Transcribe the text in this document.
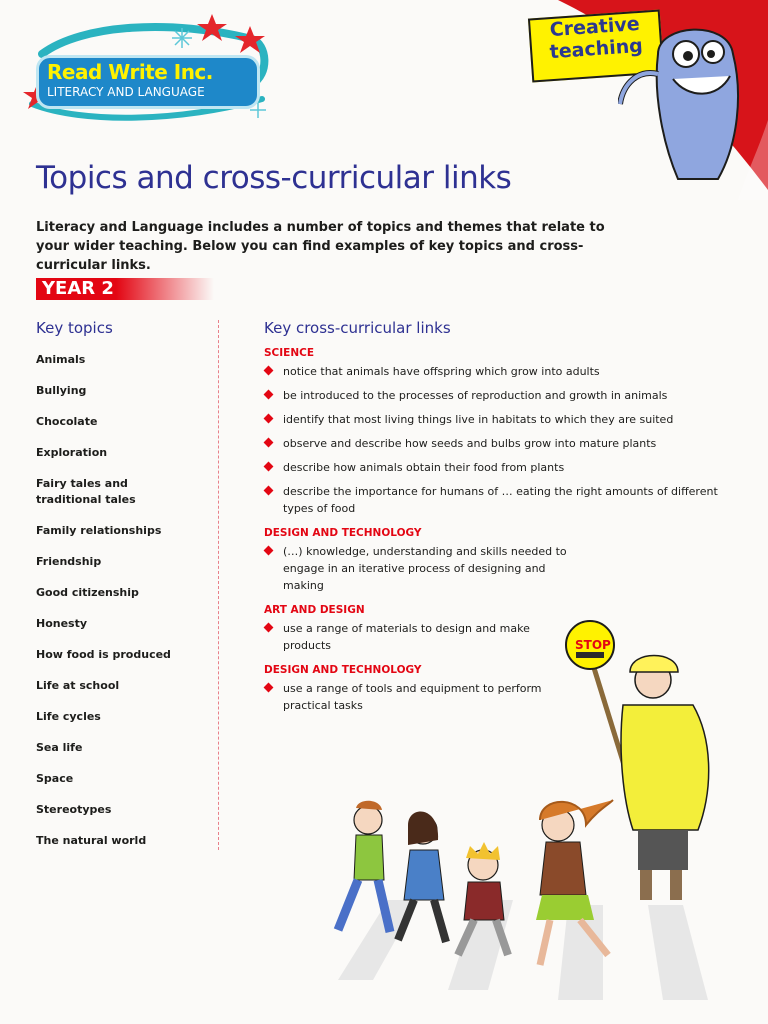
Read Write Inc.
LITERACY AND LANGUAGE
Creative
teaching
Topics and cross-curricular links
Literacy and Language includes a number of topics and themes that relate to your wider teaching. Below you can find examples of key topics and cross-curricular links.
YEAR 2
Key topics
Animals
Bullying
Chocolate
Exploration
Fairy tales and traditional tales
Family relationships
Friendship
Good citizenship
Honesty
How food is produced
Life at school
Life cycles
Sea life
Space
Stereotypes
The natural world
Key cross-curricular links
SCIENCE
notice that animals have offspring which grow into adults
be introduced to the processes of reproduction and growth in animals
identify that most living things live in habitats to which they are suited
observe and describe how seeds and bulbs grow into mature plants
describe how animals obtain their food from plants
describe the importance for humans of … eating the right amounts of different types of food
DESIGN AND TECHNOLOGY
(…) knowledge, understanding and skills needed to engage in an iterative process of designing and making
ART AND DESIGN
use a range of materials to design and make products
DESIGN AND TECHNOLOGY
use a range of tools and equipment to perform practical tasks
STOP
